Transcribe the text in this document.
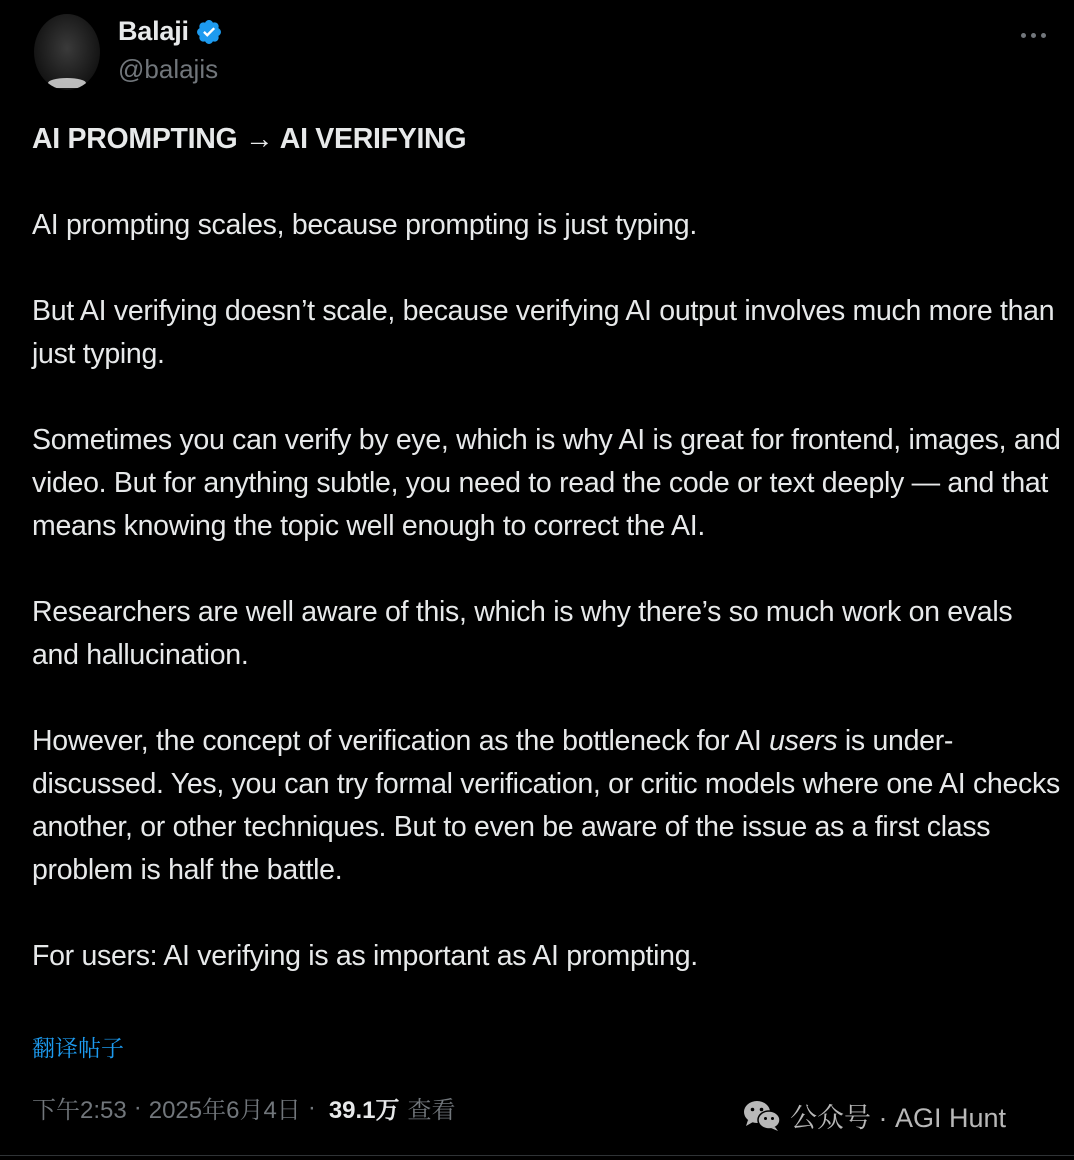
Balaji
@balajis

AI PROMPTING → AI VERIFYING

AI prompting scales, because prompting is just typing.

But AI verifying doesn’t scale, because verifying AI output involves much more than just typing.

Sometimes you can verify by eye, which is why AI is great for frontend, images, and video. But for anything subtle, you need to read the code or text deeply — and that means knowing the topic well enough to correct the AI.

Researchers are well aware of this, which is why there’s so much work on evals and hallucination.

However, the concept of verification as the bottleneck for AI users is under-discussed. Yes, you can try formal verification, or critic models where one AI checks another, or other techniques. But to even be aware of the issue as a first class problem is half the battle.

For users: AI verifying is as important as AI prompting.

翻译帖子
下午2:53 · 2025年6月4日 · 39.1万 查看	公众号 · AGI Hunt
